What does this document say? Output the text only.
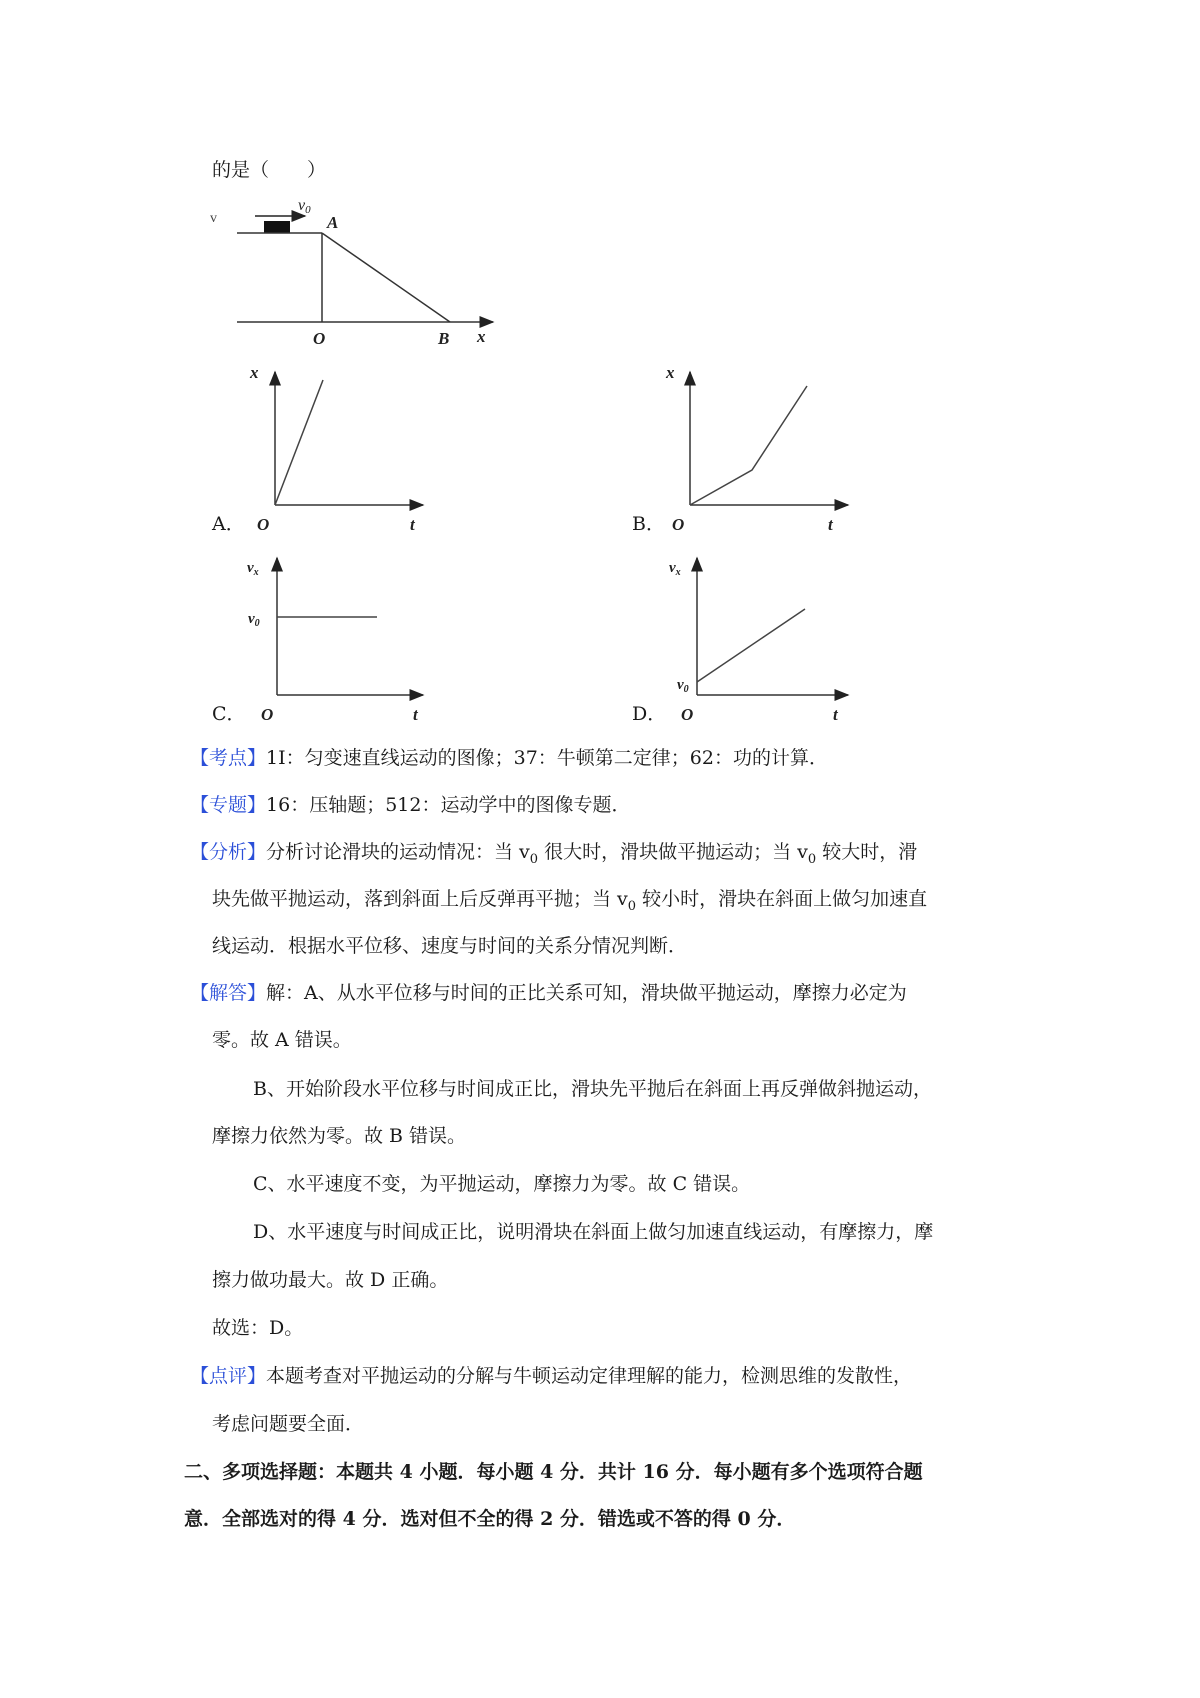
的是（　　）
v
v0
A
O	B x
A．
x
t
O	B．
x
t
O
C．
$v_x$
$v_0$
t
O	D．
$v_x$
$v_0$
t
O
【考点】1I：匀变速直线运动的图像；37：牛顿第二定律；62：功的计算．
【专题】16：压轴题；512：运动学中的图像专题．
【分析】分析讨论滑块的运动情况：当 $v_0$ 很大时，滑块做平抛运动；当 $v_0$ 较大时，滑
块先做平抛运动，落到斜面上后反弹再平抛；当 $v_0$ 较小时，滑块在斜面上做匀加速直
线运动．根据水平位移、速度与时间的关系分情况判断．
【解答】解：A、从水平位移与时间的正比关系可知，滑块做平抛运动，摩擦力必定为
零。故 A 错误。
B、开始阶段水平位移与时间成正比，滑块先平抛后在斜面上再反弹做斜抛运动，
摩擦力依然为零。故 B 错误。
C、水平速度不变，为平抛运动，摩擦力为零。故 C 错误。
D、水平速度与时间成正比，说明滑块在斜面上做匀加速直线运动，有摩擦力，摩
擦力做功最大。故 D 正确。
故选：D。
【点评】本题考查对平抛运动的分解与牛顿运动定律理解的能力，检测思维的发散性，
考虑问题要全面．
二、多项选择题：本题共 4 小题．每小题 4 分．共计 16 分．每小题有多个选项符合题
意．全部选对的得 4 分．选对但不全的得 2 分．错选或不答的得 0 分．
